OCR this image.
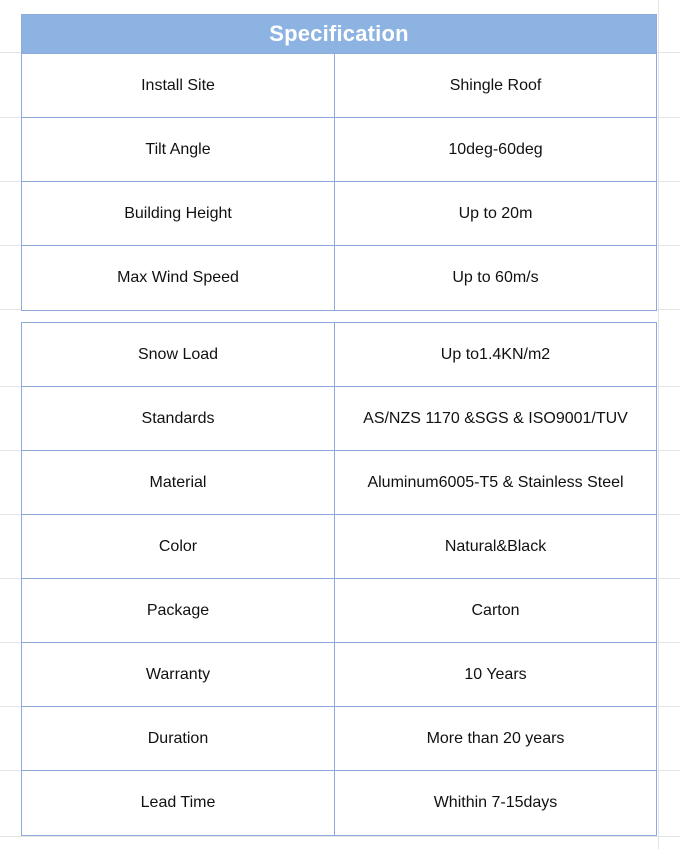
Specification
Install Site	Shingle Roof
Tilt Angle	10deg-60deg
Building Height	Up to 20m
Max Wind Speed	Up to 60m/s
Snow Load	Up to1.4KN/m2
Standards	AS/NZS 1170 &SGS & ISO9001/TUV
Material	Aluminum6005-T5 & Stainless Steel
Color	Natural&Black
Package	Carton
Warranty	10 Years
Duration	More than 20 years
Lead Time	Whithin 7-15days
